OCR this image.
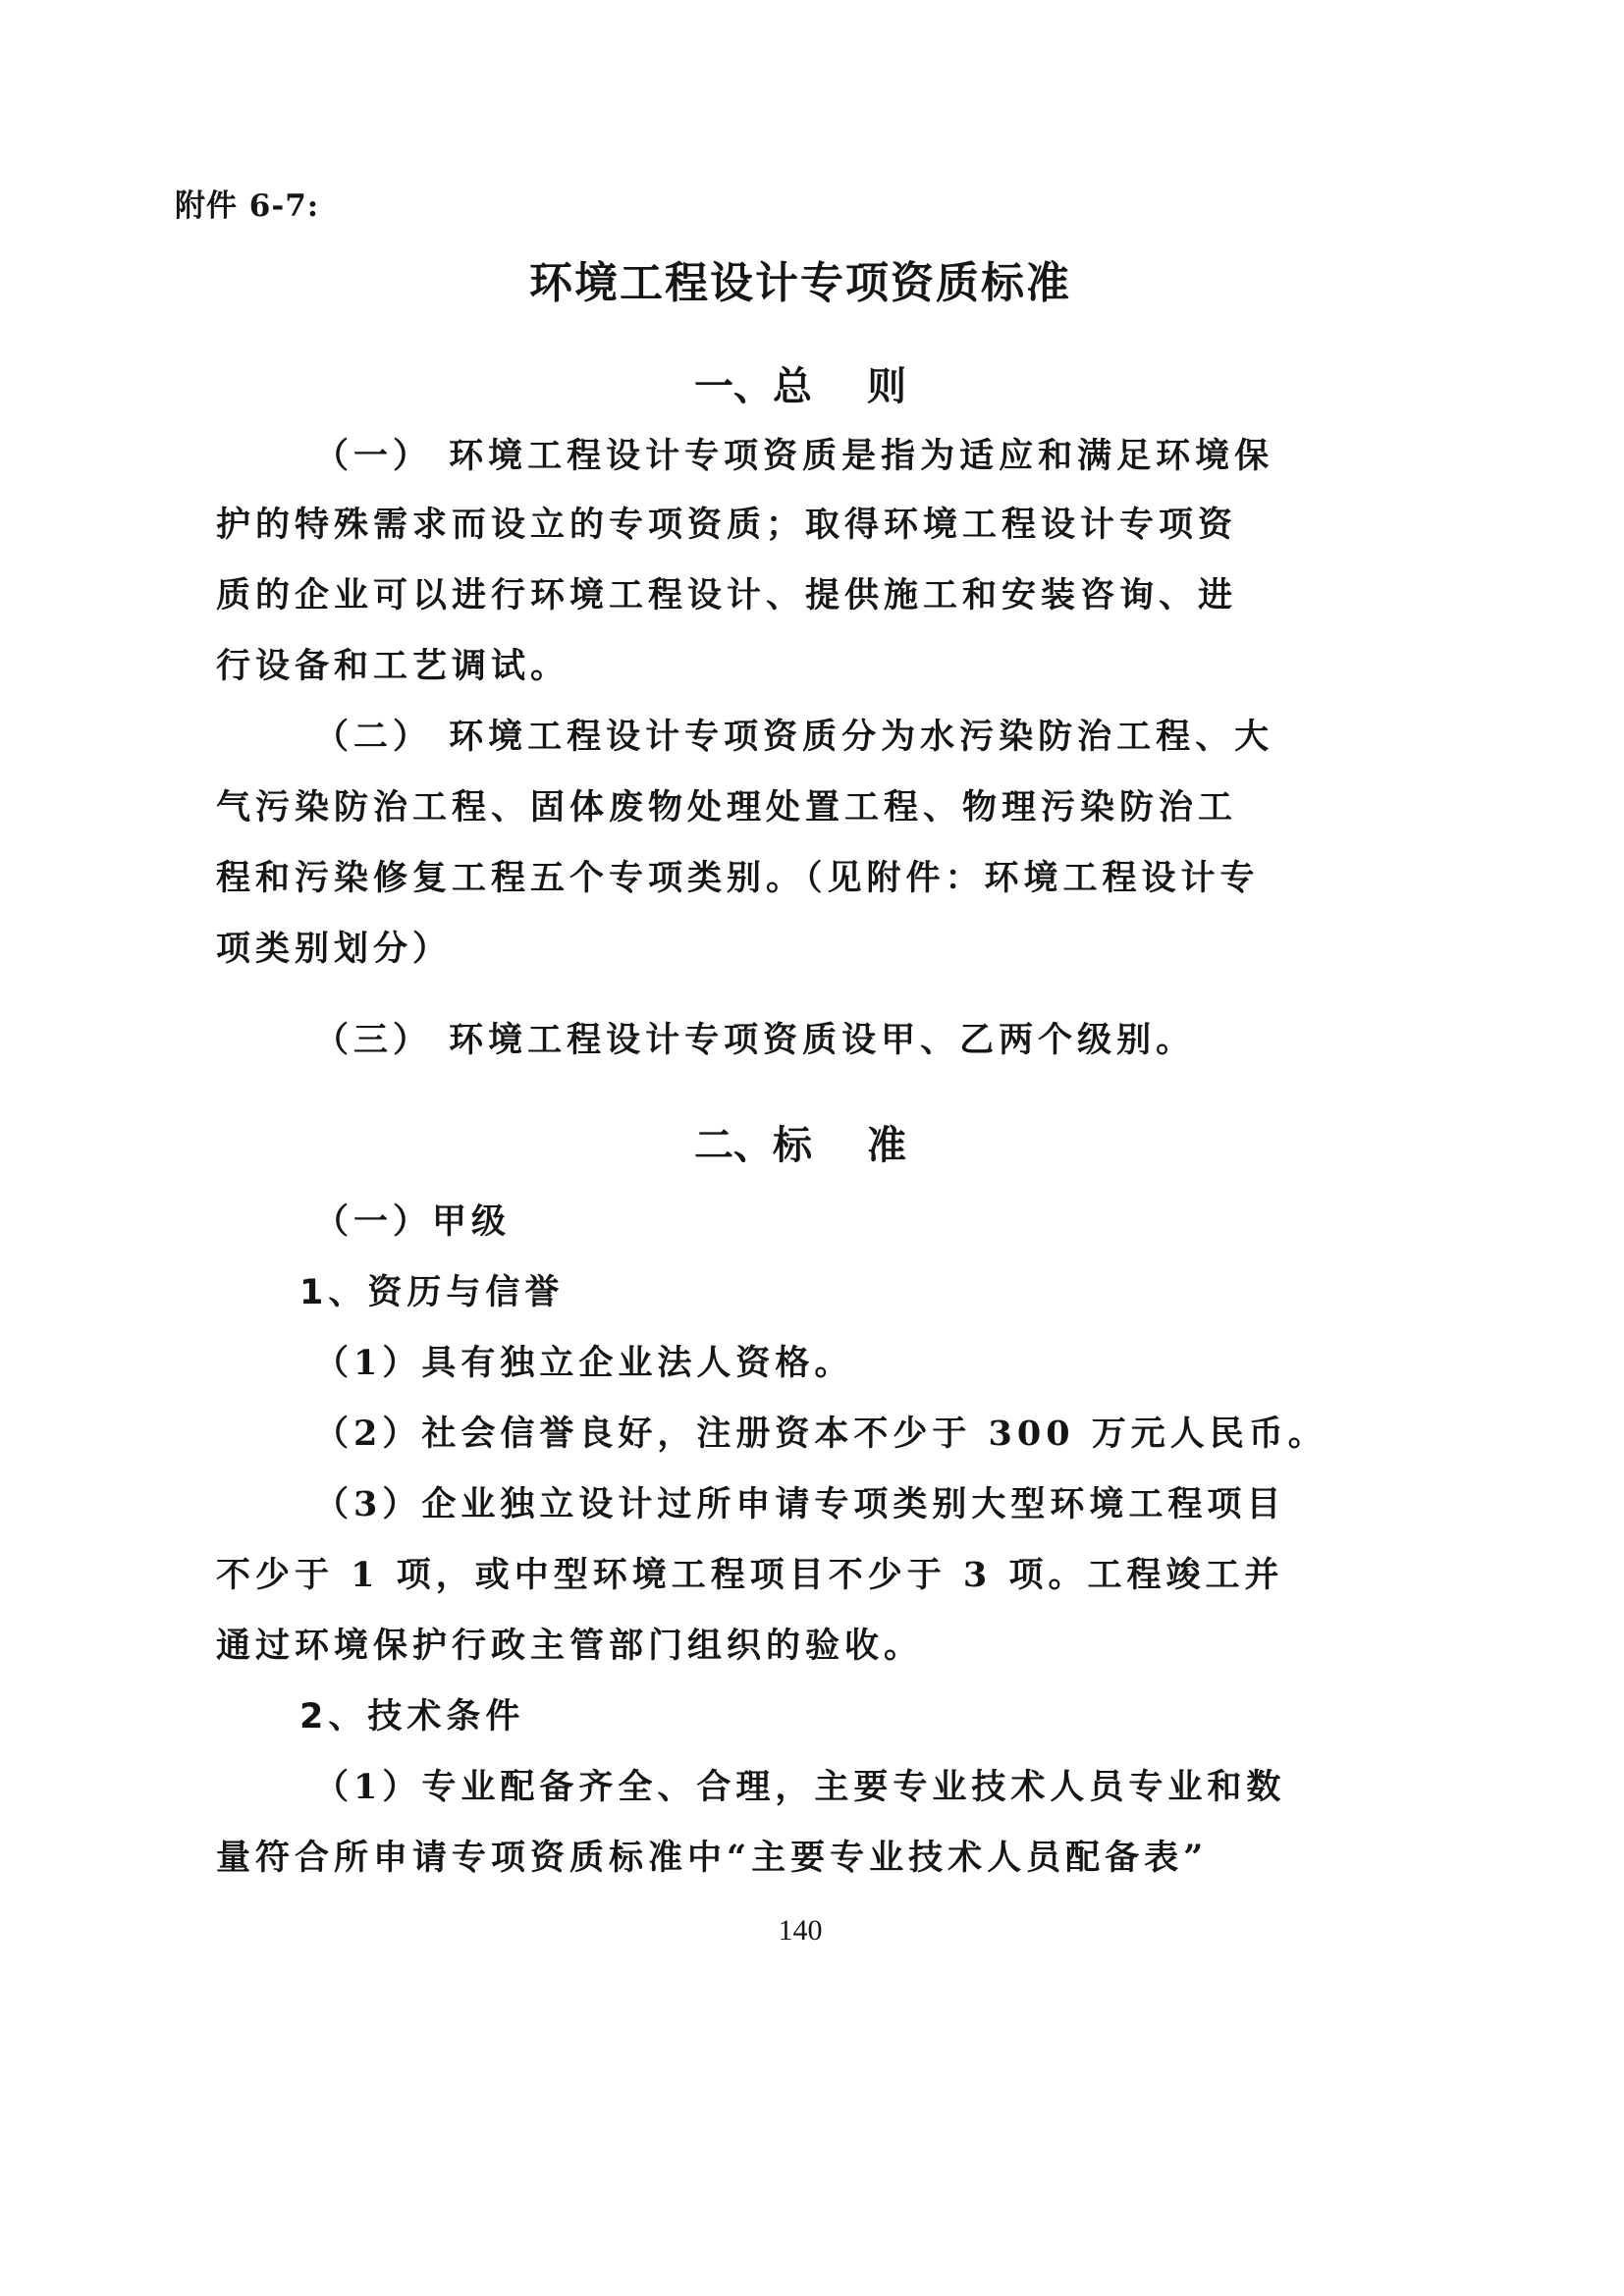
附件 6-7:
环境工程设计专项资质标准
一、总 则
（一） 环境工程设计专项资质是指为适应和满足环境保
护的特殊需求而设立的专项资质；取得环境工程设计专项资
质的企业可以进行环境工程设计、提供施工和安装咨询、进
行设备和工艺调试。
（二） 环境工程设计专项资质分为水污染防治工程、大
气污染防治工程、固体废物处理处置工程、物理污染防治工
程和污染修复工程五个专项类别。（见附件：环境工程设计专
项类别划分）
（三） 环境工程设计专项资质设甲、乙两个级别。
二、标 准
（一）甲级
1、资历与信誉
（1）具有独立企业法人资格。
（2）社会信誉良好，注册资本不少于 300 万元人民币。
（3）企业独立设计过所申请专项类别大型环境工程项目
不少于 1 项，或中型环境工程项目不少于 3 项。工程竣工并
通过环境保护行政主管部门组织的验收。
2、技术条件
（1）专业配备齐全、合理，主要专业技术人员专业和数
量符合所申请专项资质标准中“主要专业技术人员配备表”
140
